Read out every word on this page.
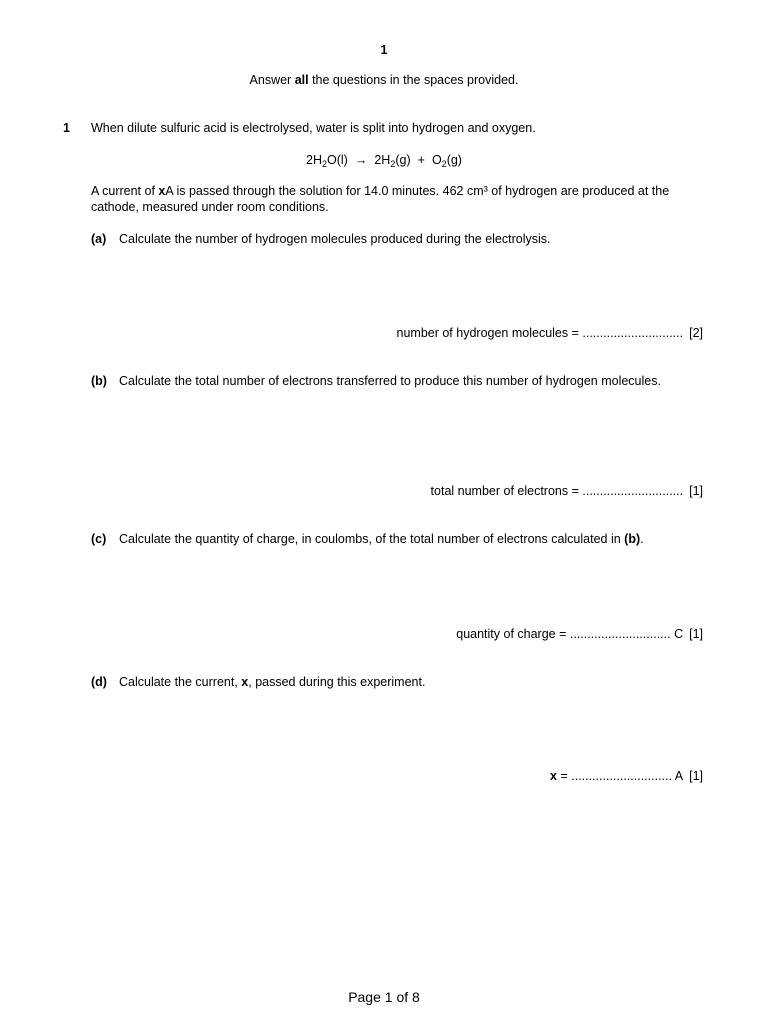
1
Answer all the questions in the spaces provided.
1 When dilute sulfuric acid is electrolysed, water is split into hydrogen and oxygen.
$2H_2O(l) \to 2H_2(g) + O_2(g)$
A current of xA is passed through the solution for 14.0 minutes. 462 cm³ of hydrogen are produced at the cathode, measured under room conditions.
(a) Calculate the number of hydrogen molecules produced during the electrolysis.
number of hydrogen molecules = ............................. [2]
(b) Calculate the total number of electrons transferred to produce this number of hydrogen molecules.
total number of electrons = ............................. [1]
(c) Calculate the quantity of charge, in coulombs, of the total number of electrons calculated in (b).
quantity of charge = ............................. C [1]
(d) Calculate the current, x, passed during this experiment.
x = ............................. A [1]
Page 1 of 8
